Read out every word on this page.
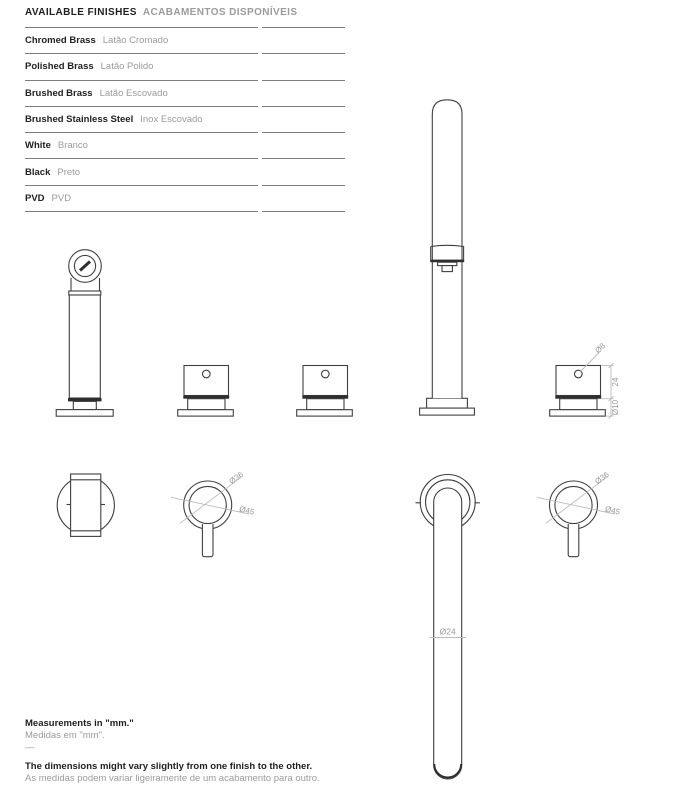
AVAILABLE FINISHES ACABAMENTOS DISPONÍVEIS
Chromed Brass Latão Cromado
Polished Brass Latão Polido
Brushed Brass Latão Escovado
Brushed Stainless Steel Inox Escovado
White Branco
Black Preto
PVD PVD
Ø8
24
Ø10
Ø36
Ø45
Ø24
Ø36
Ø45
Measurements in "mm."
Medidas em "mm".
—
The dimensions might vary slightly from one finish to the other.
As medidas podem variar ligeiramente de um acabamento para outro.
